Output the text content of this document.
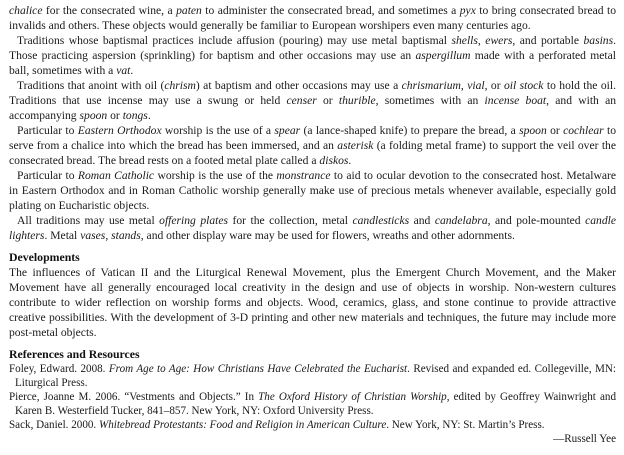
chalice for the consecrated wine, a paten to administer the consecrated bread, and sometimes a pyx to bring consecrated bread to invalids and others. These objects would generally be familiar to European worshipers even many centuries ago.

Traditions whose baptismal practices include affusion (pouring) may use metal baptismal shells, ewers, and portable basins. Those practicing aspersion (sprinkling) for baptism and other occasions may use an aspergillum made with a perforated metal ball, sometimes with a vat.

Traditions that anoint with oil (chrism) at baptism and other occasions may use a chrismarium, vial, or oil stock to hold the oil. Traditions that use incense may use a swung or held censer or thurible, sometimes with an incense boat, and with an accompanying spoon or tongs.

Particular to Eastern Orthodox worship is the use of a spear (a lance-shaped knife) to prepare the bread, a spoon or cochlear to serve from a chalice into which the bread has been immersed, and an asterisk (a folding metal frame) to support the veil over the consecrated bread. The bread rests on a footed metal plate called a diskos.

Particular to Roman Catholic worship is the use of the monstrance to aid to ocular devotion to the consecrated host. Metalware in Eastern Orthodox and in Roman Catholic worship generally make use of precious metals whenever available, especially gold plating on Eucharistic objects.

All traditions may use metal offering plates for the collection, metal candlesticks and candelabra, and pole-mounted candle lighters. Metal vases, stands, and other display ware may be used for flowers, wreaths and other adornments.

Developments

The influences of Vatican II and the Liturgical Renewal Movement, plus the Emergent Church Movement, and the Maker Movement have all generally encouraged local creativity in the design and use of objects in worship. Non-western cultures contribute to wider reflection on worship forms and objects. Wood, ceramics, glass, and stone continue to provide attractive creative possibilities. With the development of 3-D printing and other new materials and techniques, the future may include more post-metal objects.

References and Resources

Foley, Edward. 2008. From Age to Age: How Christians Have Celebrated the Eucharist. Revised and expanded ed. Collegeville, MN: Liturgical Press.

Pierce, Joanne M. 2006. “Vestments and Objects.” In The Oxford History of Christian Worship, edited by Geoffrey Wainwright and Karen B. Westerfield Tucker, 841–857. New York, NY: Oxford University Press.

Sack, Daniel. 2000. Whitebread Protestants: Food and Religion in American Culture. New York, NY: St. Martin’s Press.

—Russell Yee
